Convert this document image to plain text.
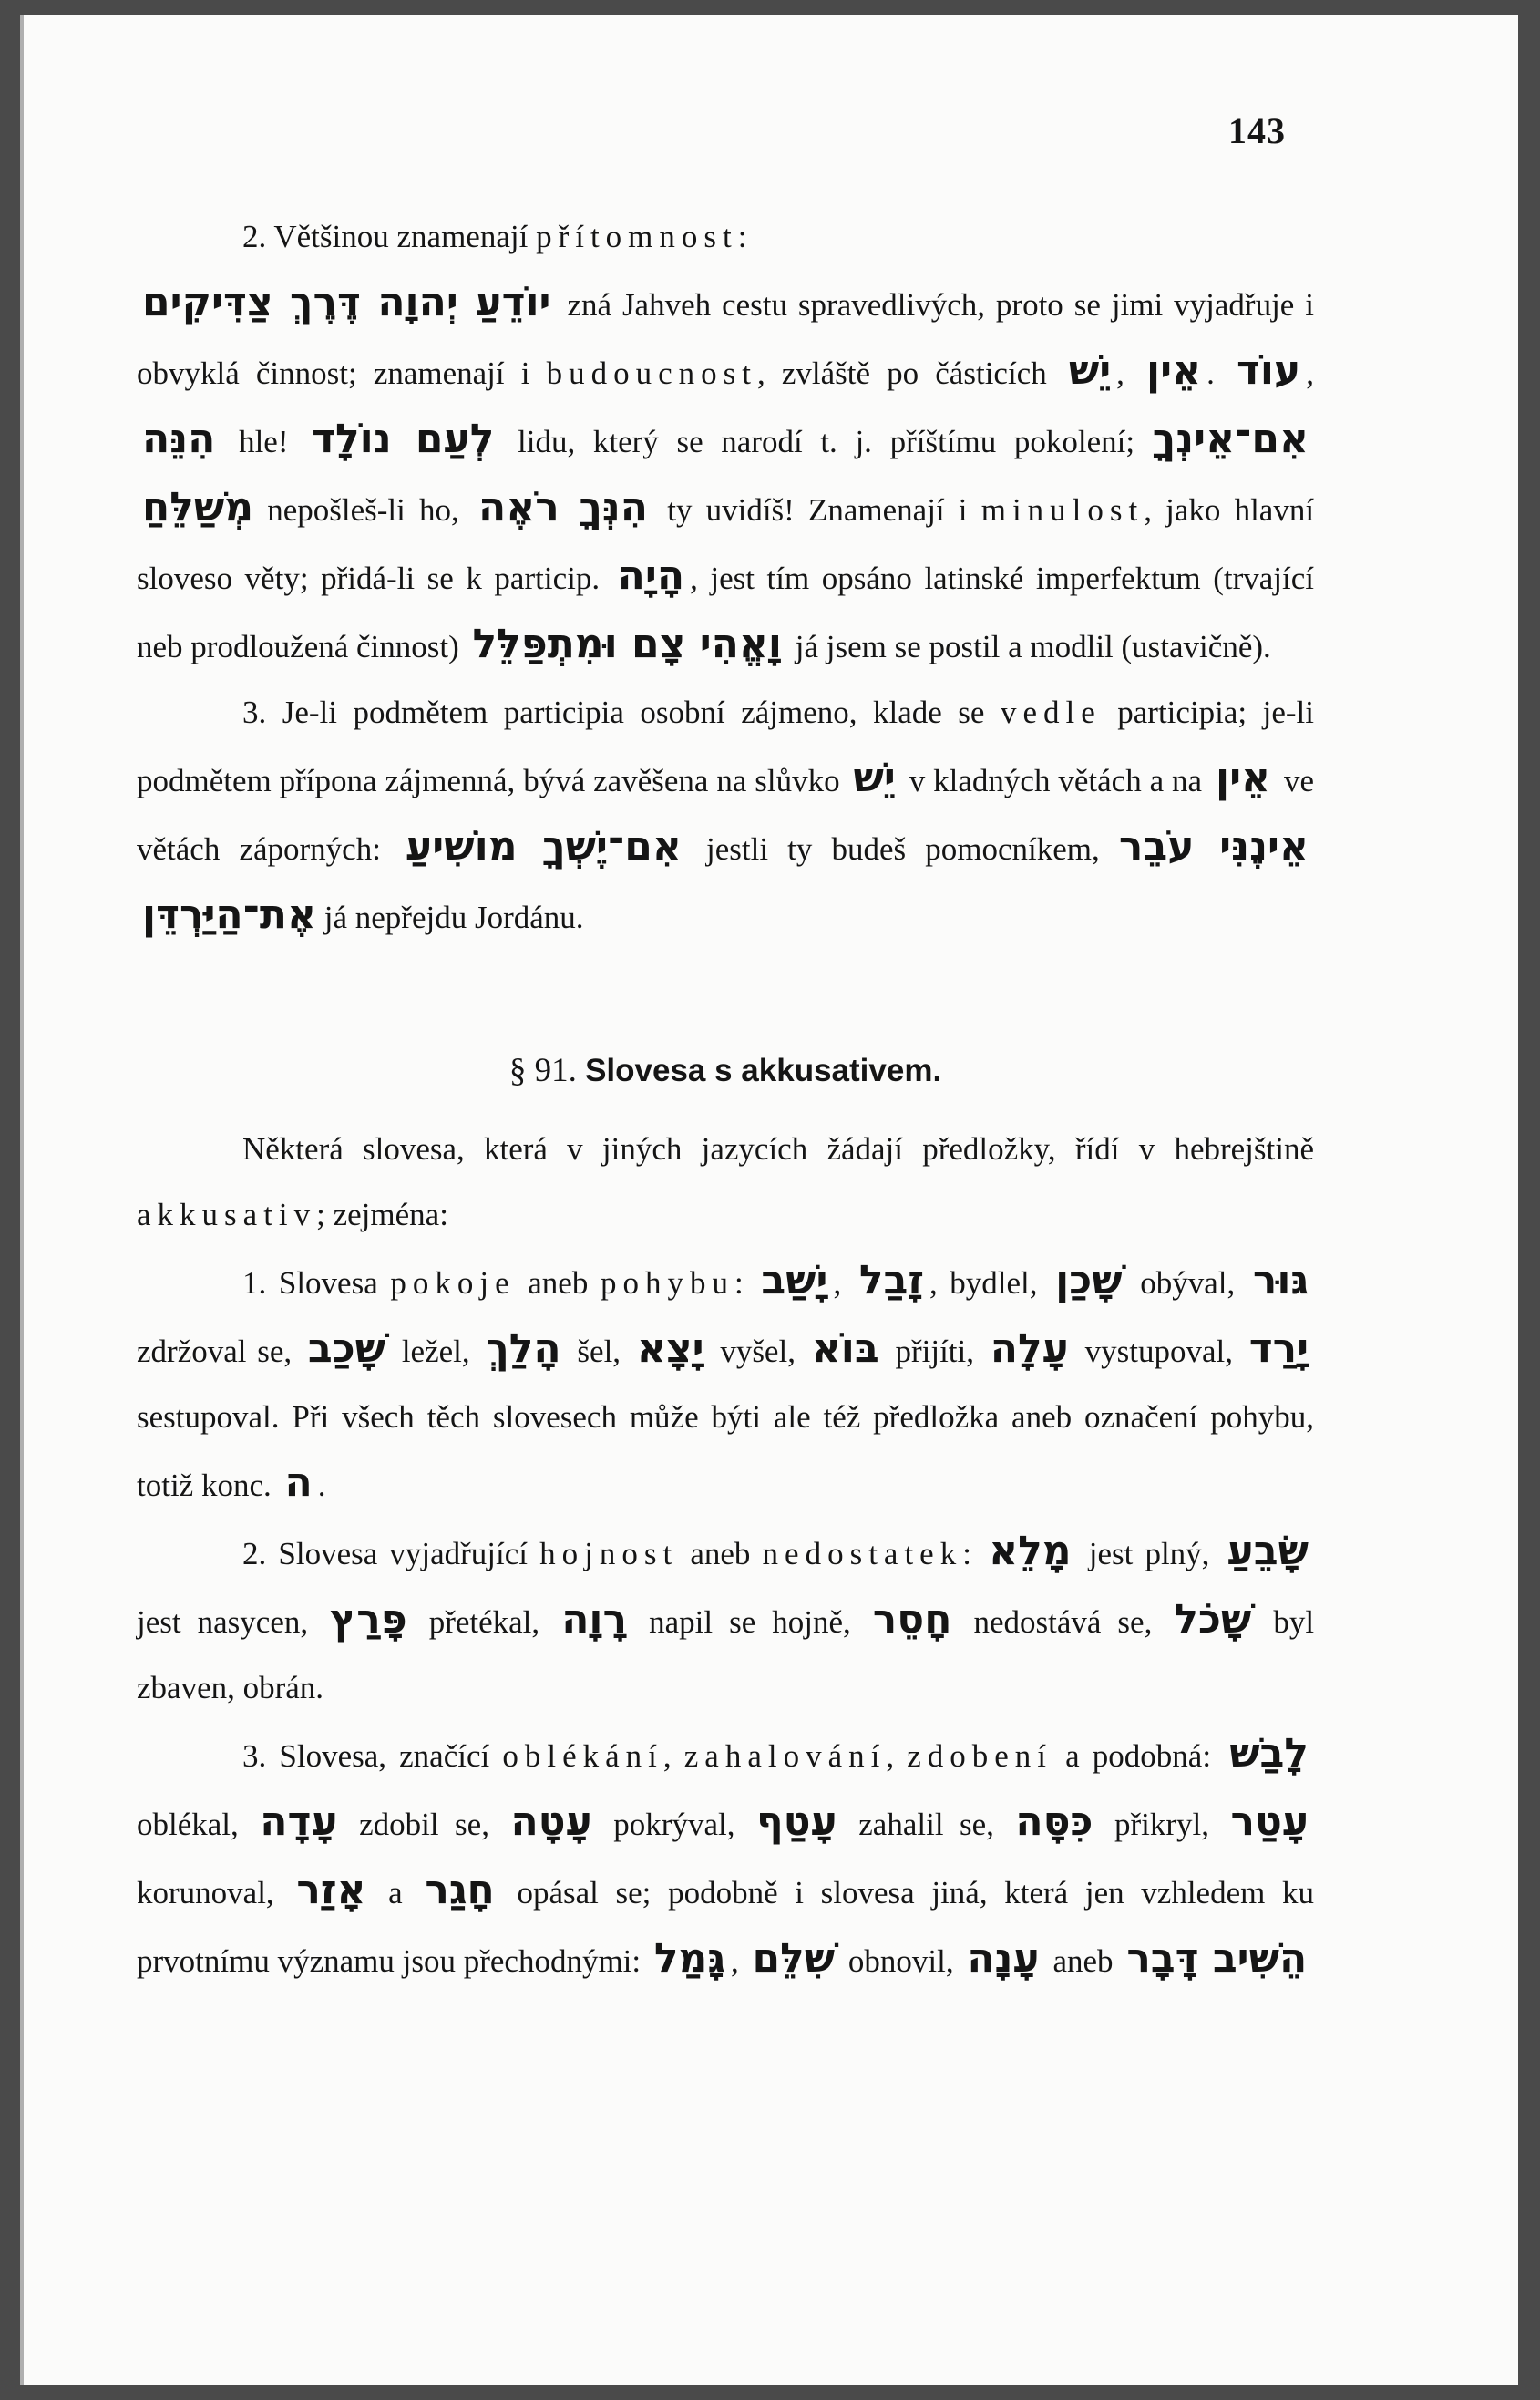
143

2. Většinou znamenají přítomnost:
יוֹדֵעַ יְהוָה דֶּרֶךְ צַדִּיקִים zná Jahveh cestu spravedlivých, proto se jimi vyjadřuje i obvyklá činnost; znamenají i budoucnost, zvláště po částicích יֵשׁ , אֵין . עוֹד , הִנֵּה hle! לְעַם נוֹלָד lidu, který se narodí t. j. příštímu pokolení; אִם־אֵינְךָ מְשַׁלֵּחַ nepošleš-li ho, הִנְּךָ רֹאֶה ty uvidíš! Znamenají i minulost, jako hlavní sloveso věty; přidá-li se k particip. הָיָה , jest tím opsáno latinské imperfektum (trvající neb prodloužená činnost) וָאֱהִי צָם וּמִתְפַּלֵּל já jsem se postil a modlil (ustavičně).

3. Je-li podmětem participia osobní zájmeno, klade se vedle participia; je-li podmětem přípona zájmenná, bývá zavěšena na slůvko יֵשׁ v kladných větách a na אֵין ve větách záporných: אִם־יֶשְׁךָ מוֹשִׁיעַ jestli ty budeš pomocníkem, אֵינֶנִּי עֹבֵר אֶת־הַיַּרְדֵּן já nepřejdu Jordánu.

§ 91. Slovesa s akkusativem.

Některá slovesa, která v jiných jazycích žádají předložky, řídí v hebrejštině akkusativ; zejména:

1. Slovesa pokoje aneb pohybu: יָשַׁב , זָבַל , bydlel, שָׁכַן obýval, גּוּר zdržoval se, שָׁכַב ležel, הָלַךְ šel, יָצָא vyšel, בּוֹא přijíti, עָלָה vystupoval, יָרַד sestupoval. Při všech těch slovesech může býti ale též předložka aneb označení pohybu, totiž konc. ה .

2. Slovesa vyjadřující hojnost aneb nedostatek: מָלֵא jest plný, שָׂבֵעַ jest nasycen, פָּרַץ přetékal, רָוָה napil se hojně, חָסֵר nedostává se, שָׁכֹל byl zbaven, obrán.

3. Slovesa, značící oblékání, zahalování, zdobení a podobná: לָבַשׁ oblékal, עָדָה zdobil se, עָטָה pokrýval, עָטַף zahalil se, כִּסָּה přikryl, עָטַר korunoval, אָזַר a חָגַר opásal se; podobně i slovesa jiná, která jen vzhledem ku prvotnímu významu jsou přechodnými: גָּמַל , שִׁלֵּם obnovil, עָנָה aneb הֵשִׁיב דָּבָר
